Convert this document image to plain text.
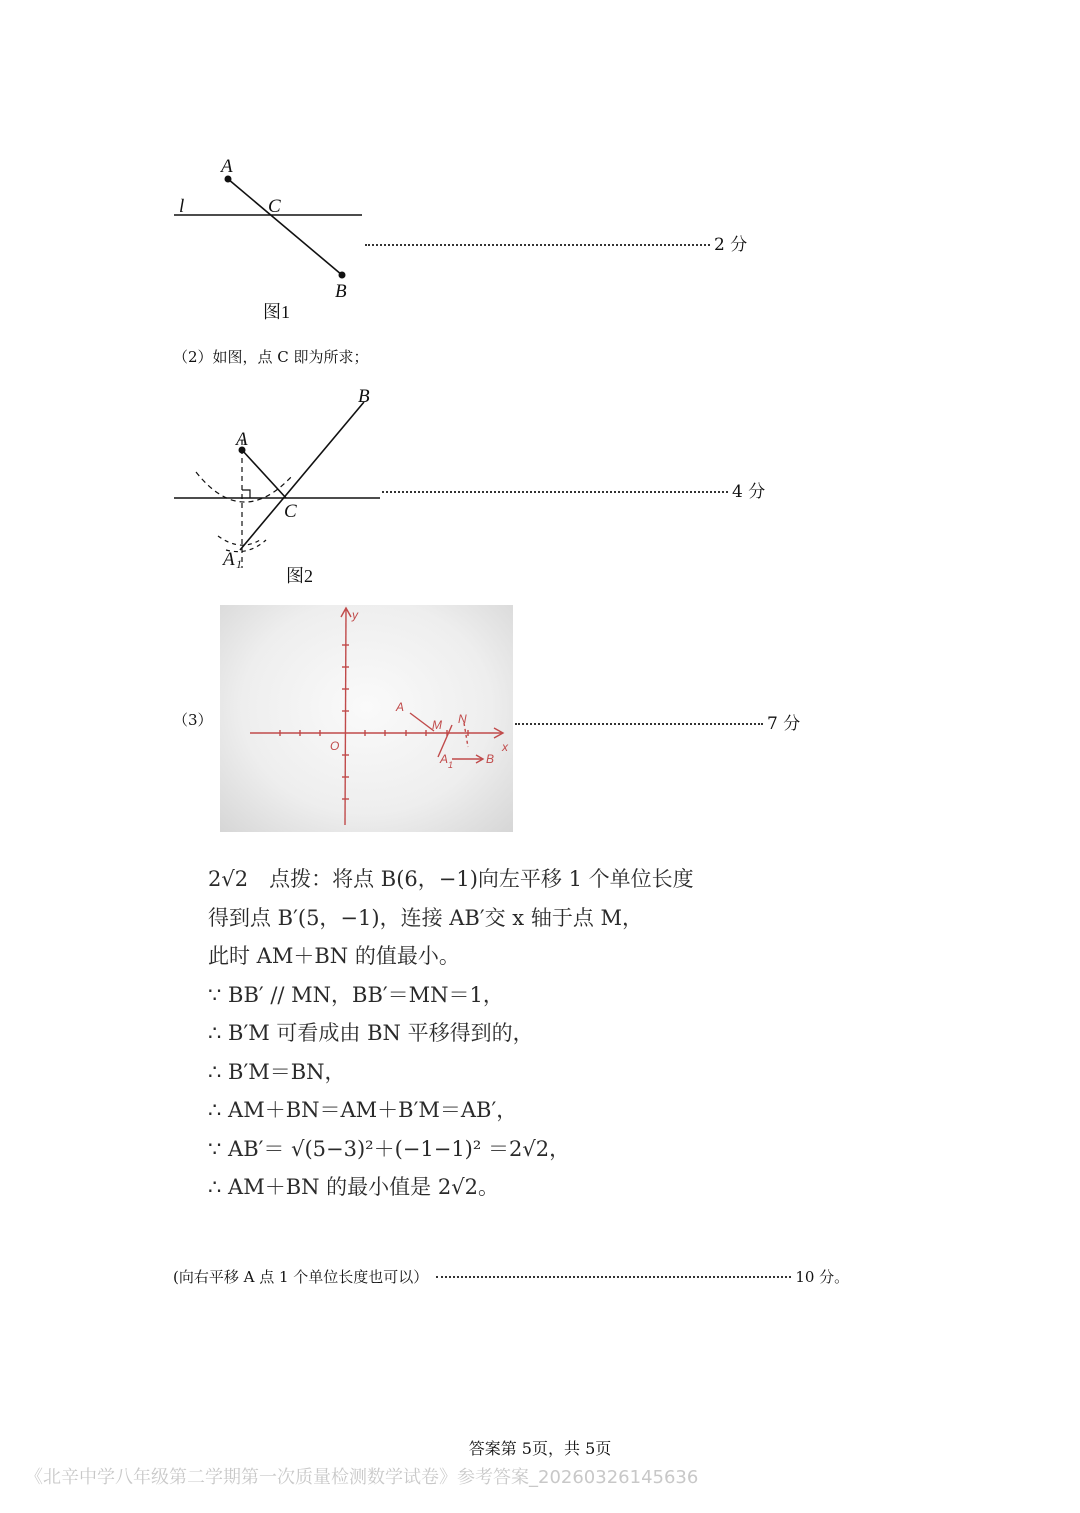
A
l	C
B
图1
2 分
（2）如图，点 C 即为所求；
A
B
C
A 1
图2
4 分
（3）
y
x
O
A
M N
A 1	B
7 分
2√2　点拨：将点 B(6，−1)向左平移 1 个单位长度
得到点 B′(5，−1)，连接 AB′交 x 轴于点 M，
此时 AM＋BN 的值最小。
∵ BB′ // MN，BB′＝MN＝1，
∴ B′M 可看成由 BN 平移得到的，
∴ B′M＝BN，
∴ AM＋BN＝AM＋B′M＝AB′，
∵ AB′＝ √(5−3)²＋(−1−1)² ＝2√2，
∴ AM＋BN 的最小值是 2√2。
(向右平移 A 点 1 个单位长度也可以）	10 分。
答案第 5页，共 5页
《北辛中学八年级第二学期第一次质量检测数学试卷》参考答案_20260326145636
